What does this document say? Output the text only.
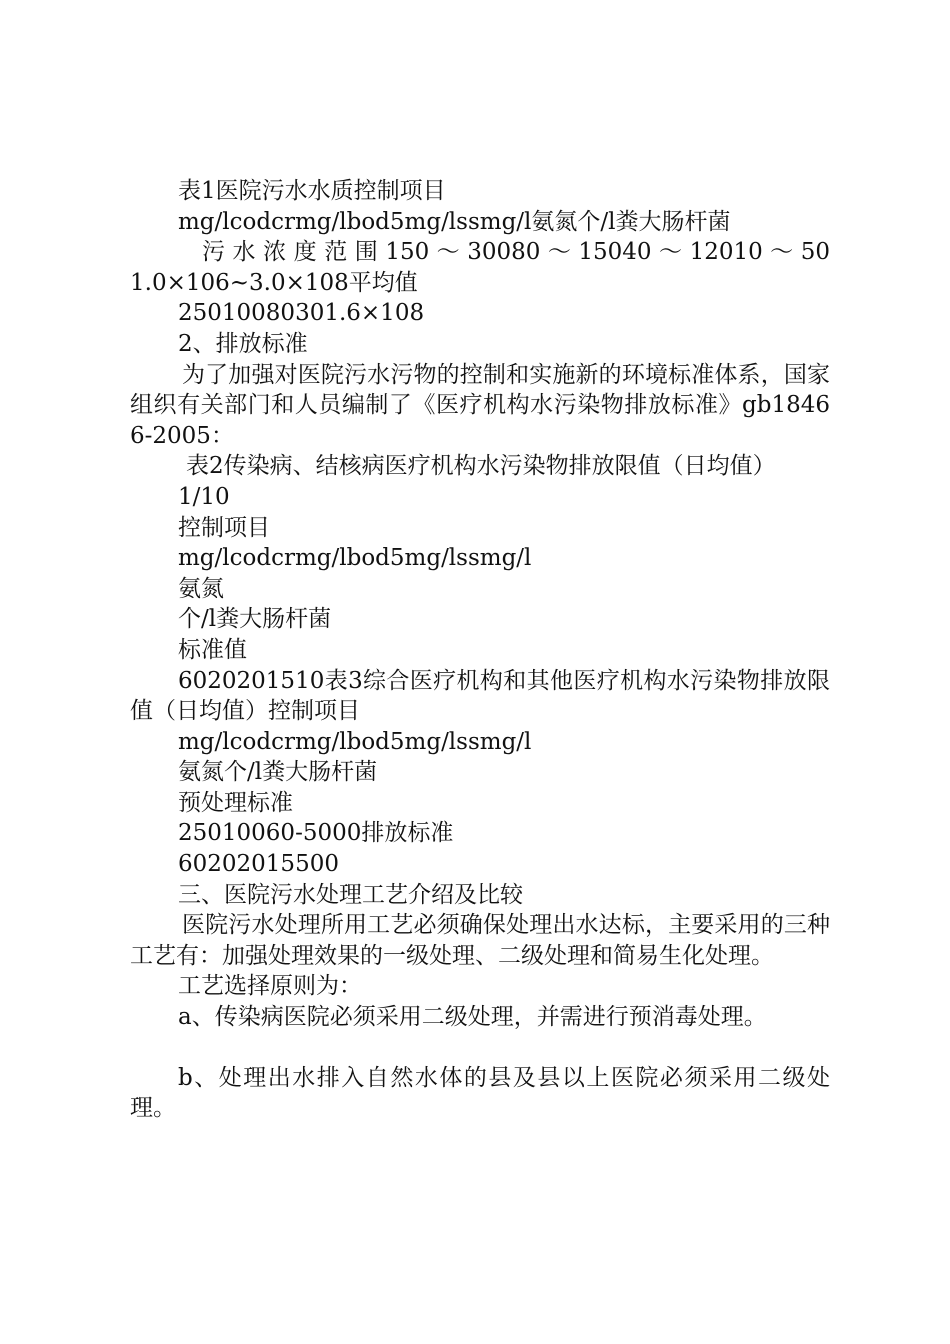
表1医院污水水质控制项目

mg/lcodcrmg/lbod5mg/lssmg/l氨氮个/l粪大肠杆菌

污 水 浓 度 范 围 150 ～ 30080 ～ 15040 ～ 12010 ～ 501.0×106~3.0×108平均值

25010080301.6×108

2、排放标准

为了加强对医院污水污物的控制和实施新的环境标准体系，国家组织有关部门和人员编制了《医疗机构水污染物排放标准》gb18466-2005：

表2传染病、结核病医疗机构水污染物排放限值（日均值）

1/10

控制项目

mg/lcodcrmg/lbod5mg/lssmg/l

氨氮

个/l粪大肠杆菌

标准值

6020201510表3综合医疗机构和其他医疗机构水污染物排放限值（日均值）控制项目

mg/lcodcrmg/lbod5mg/lssmg/l

氨氮个/l粪大肠杆菌

预处理标准

25010060-5000排放标准

60202015500

三、医院污水处理工艺介绍及比较

医院污水处理所用工艺必须确保处理出水达标，主要采用的三种工艺有：加强处理效果的一级处理、二级处理和简易生化处理。

工艺选择原则为：

a、传染病医院必须采用二级处理，并需进行预消毒处理。

b、处理出水排入自然水体的县及县以上医院必须采用二级处理。
